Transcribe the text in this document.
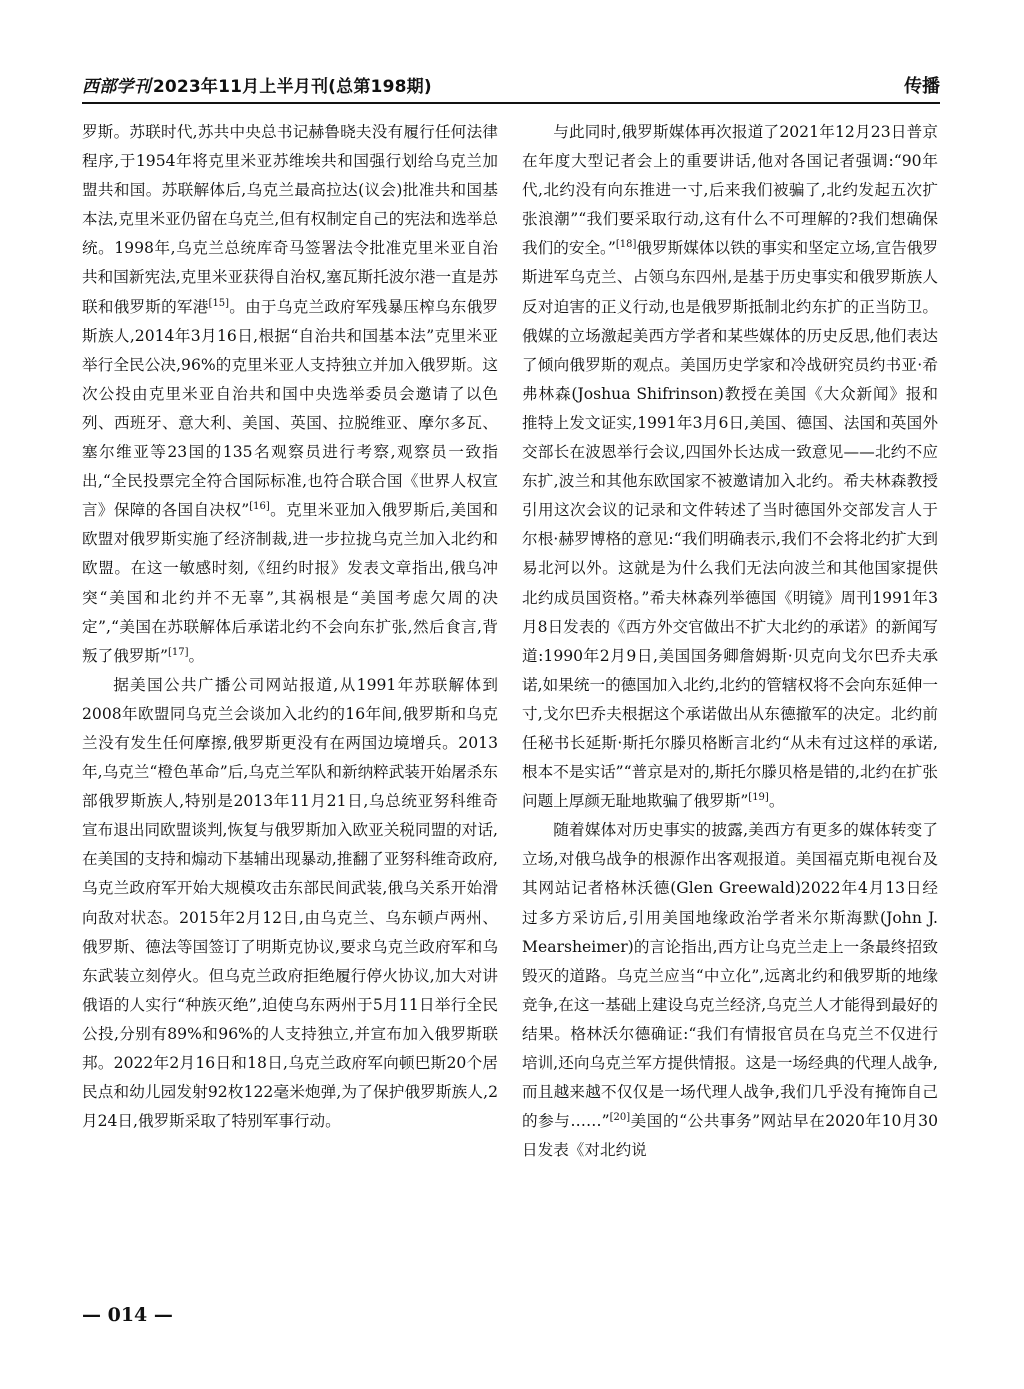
西部学刊 2023年11月上半月刊(总第198期)	传播

罗斯。苏联时代,苏共中央总书记赫鲁晓夫没有履行任何法律程序,于1954年将克里米亚苏维埃共和国强行划给乌克兰加盟共和国。苏联解体后,乌克兰最高拉达(议会)批准共和国基本法,克里米亚仍留在乌克兰,但有权制定自己的宪法和选举总统。1998年,乌克兰总统库奇马签署法令批准克里米亚自治共和国新宪法,克里米亚获得自治权,塞瓦斯托波尔港一直是苏联和俄罗斯的军港[15]。由于乌克兰政府军残暴压榨乌东俄罗斯族人,2014年3月16日,根据“自治共和国基本法”克里米亚举行全民公决,96%的克里米亚人支持独立并加入俄罗斯。这次公投由克里米亚自治共和国中央选举委员会邀请了以色列、西班牙、意大利、美国、英国、拉脱维亚、摩尔多瓦、塞尔维亚等23国的135名观察员进行考察,观察员一致指出,“全民投票完全符合国际标准,也符合联合国《世界人权宣言》保障的各国自决权”[16]。克里米亚加入俄罗斯后,美国和欧盟对俄罗斯实施了经济制裁,进一步拉拢乌克兰加入北约和欧盟。在这一敏感时刻,《纽约时报》发表文章指出,俄乌冲突“美国和北约并不无辜”,其祸根是“美国考虑欠周的决定”,“美国在苏联解体后承诺北约不会向东扩张,然后食言,背叛了俄罗斯”[17]。

据美国公共广播公司网站报道,从1991年苏联解体到2008年欧盟同乌克兰会谈加入北约的16年间,俄罗斯和乌克兰没有发生任何摩擦,俄罗斯更没有在两国边境增兵。2013年,乌克兰“橙色革命”后,乌克兰军队和新纳粹武装开始屠杀东部俄罗斯族人,特别是2013年11月21日,乌总统亚努科维奇宣布退出同欧盟谈判,恢复与俄罗斯加入欧亚关税同盟的对话,在美国的支持和煽动下基辅出现暴动,推翻了亚努科维奇政府,乌克兰政府军开始大规模攻击东部民间武装,俄乌关系开始滑向敌对状态。2015年2月12日,由乌克兰、乌东顿卢两州、俄罗斯、德法等国签订了明斯克协议,要求乌克兰政府军和乌东武装立刻停火。但乌克兰政府拒绝履行停火协议,加大对讲俄语的人实行“种族灭绝”,迫使乌东两州于5月11日举行全民公投,分别有89%和96%的人支持独立,并宣布加入俄罗斯联邦。2022年2月16日和18日,乌克兰政府军向顿巴斯20个居民点和幼儿园发射92枚122毫米炮弹,为了保护俄罗斯族人,2月24日,俄罗斯采取了特别军事行动。

与此同时,俄罗斯媒体再次报道了2021年12月23日普京在年度大型记者会上的重要讲话,他对各国记者强调:“90年代,北约没有向东推进一寸,后来我们被骗了,北约发起五次扩张浪潮”“我们要采取行动,这有什么不可理解的?我们想确保我们的安全。”[18]俄罗斯媒体以铁的事实和坚定立场,宣告俄罗斯进军乌克兰、占领乌东四州,是基于历史事实和俄罗斯族人反对迫害的正义行动,也是俄罗斯抵制北约东扩的正当防卫。俄媒的立场激起美西方学者和某些媒体的历史反思,他们表达了倾向俄罗斯的观点。美国历史学家和冷战研究员约书亚·希弗林森(Joshua Shifrinson)教授在美国《大众新闻》报和推特上发文证实,1991年3月6日,美国、德国、法国和英国外交部长在波恩举行会议,四国外长达成一致意见——北约不应东扩,波兰和其他东欧国家不被邀请加入北约。希夫林森教授引用这次会议的记录和文件转述了当时德国外交部发言人于尔根·赫罗博格的意见:“我们明确表示,我们不会将北约扩大到易北河以外。这就是为什么我们无法向波兰和其他国家提供北约成员国资格。”希夫林森列举德国《明镜》周刊1991年3月8日发表的《西方外交官做出不扩大北约的承诺》的新闻写道:1990年2月9日,美国国务卿詹姆斯·贝克向戈尔巴乔夫承诺,如果统一的德国加入北约,北约的管辖权将不会向东延伸一寸,戈尔巴乔夫根据这个承诺做出从东德撤军的决定。北约前任秘书长延斯·斯托尔滕贝格断言北约“从未有过这样的承诺,根本不是实话”“普京是对的,斯托尔滕贝格是错的,北约在扩张问题上厚颜无耻地欺骗了俄罗斯”[19]。

随着媒体对历史事实的披露,美西方有更多的媒体转变了立场,对俄乌战争的根源作出客观报道。美国福克斯电视台及其网站记者格林沃德(Glen Greewald)2022年4月13日经过多方采访后,引用美国地缘政治学者米尔斯海默(John J. Mearsheimer)的言论指出,西方让乌克兰走上一条最终招致毁灭的道路。乌克兰应当“中立化”,远离北约和俄罗斯的地缘竞争,在这一基础上建设乌克兰经济,乌克兰人才能得到最好的结果。格林沃尔德确证:“我们有情报官员在乌克兰不仅进行培训,还向乌克兰军方提供情报。这是一场经典的代理人战争,而且越来越不仅仅是一场代理人战争,我们几乎没有掩饰自己的参与……”[20]美国的“公共事务”网站早在2020年10月30日发表《对北约说

— 014 —
